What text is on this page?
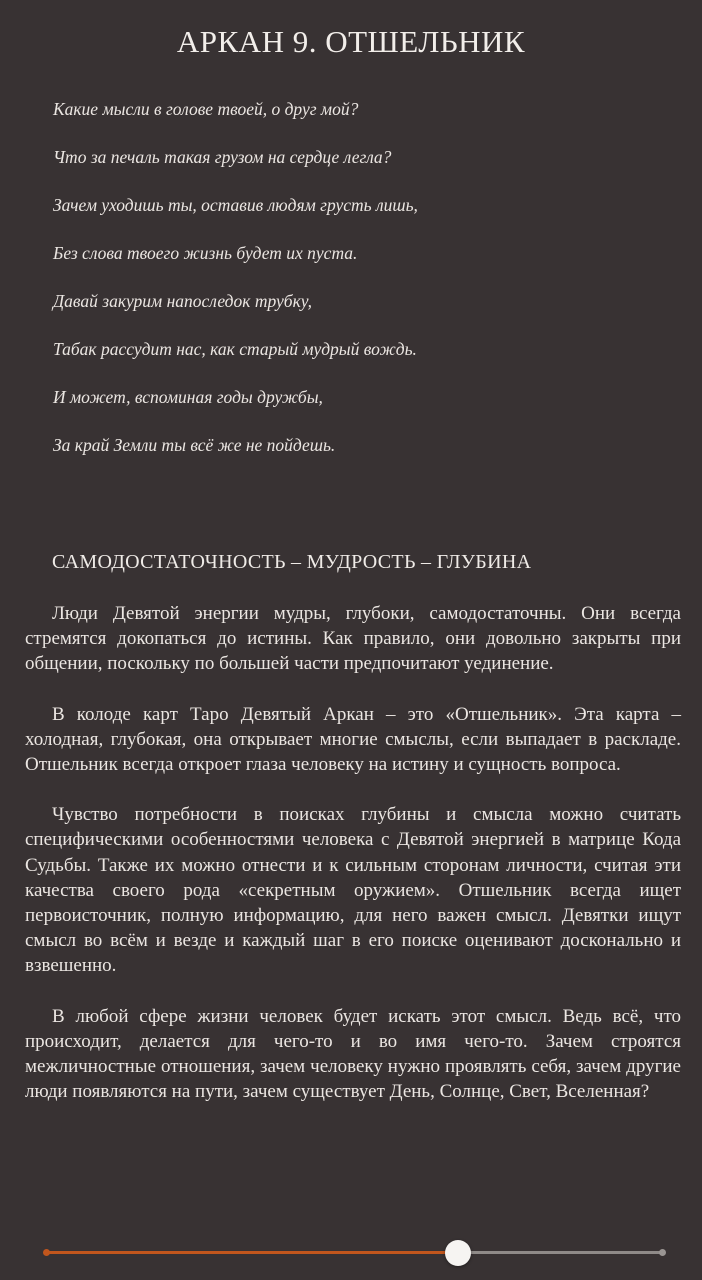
АРКАН 9. ОТШЕЛЬНИК
Какие мысли в голове твоей, о друг мой?
Что за печаль такая грузом на сердце легла?
Зачем уходишь ты, оставив людям грусть лишь,
Без слова твоего жизнь будет их пуста.
Давай закурим напоследок трубку,
Табак рассудит нас, как старый мудрый вождь.
И может, вспоминая годы дружбы,
За край Земли ты всё же не пойдешь.
САМОДОСТАТОЧНОСТЬ – МУДРОСТЬ – ГЛУБИНА

Люди Девятой энергии мудры, глубоки, самодостаточны. Они всегда стремятся докопаться до истины. Как правило, они довольно закрыты при общении, поскольку по большей части предпочитают уединение.

В колоде карт Таро Девятый Аркан – это «Отшельник». Эта карта – холодная, глубокая, она открывает многие смыслы, если выпадает в раскладе. Отшельник всегда откроет глаза человеку на истину и сущность вопроса.

Чувство потребности в поисках глубины и смысла можно считать специфическими особенностями человека с Девятой энергией в матрице Кода Судьбы. Также их можно отнести и к сильным сторонам личности, считая эти качества своего рода «секретным оружием». Отшельник всегда ищет первоисточник, полную информацию, для него важен смысл. Девятки ищут смысл во всём и везде и каждый шаг в его поиске оценивают досконально и взвешенно.

В любой сфере жизни человек будет искать этот смысл. Ведь всё, что происходит, делается для чего-то и во имя чего-то. Зачем строятся межличностные отношения, зачем человеку нужно проявлять себя, зачем другие люди появляются на пути, зачем существует День, Солнце, Свет, Вселенная?
